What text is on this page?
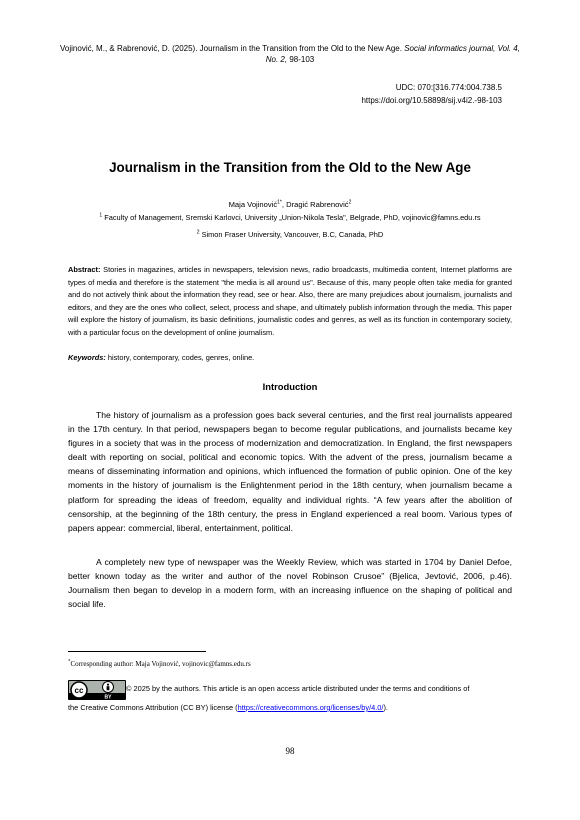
Vojinović, M., & Rabrenović, D. (2025). Journalism in the Transition from the Old to the New Age. Social informatics journal, Vol. 4, No. 2, 98-103
UDC: 070:[316.774:004.738.5
https://doi.org/10.58898/sij.v4i2.-98-103
Journalism in the Transition from the Old to the New Age
Maja Vojinović$^{1*}$, Dragić Rabrenović$^2$
$^1$ Faculty of Management, Sremski Karlovci, University „Union-Nikola Tesla", Belgrade, PhD, vojinovic@famns.edu.rs
$^2$ Simon Fraser University, Vancouver, B.C, Canada, PhD
Abstract: Stories in magazines, articles in newspapers, television news, radio broadcasts, multimedia content, Internet platforms are types of media and therefore is the statement "the media is all around us". Because of this, many people often take media for granted and do not actively think about the information they read, see or hear. Also, there are many prejudices about journalism, journalists and editors, and they are the ones who collect, select, process and shape, and ultimately publish information through the media. This paper will explore the history of journalism, its basic definitions, journalistic codes and genres, as well as its function in contemporary society, with a particular focus on the development of online journalism.
Keywords: history, contemporary, codes, genres, online.
Introduction
The history of journalism as a profession goes back several centuries, and the first real journalists appeared in the 17th century. In that period, newspapers began to become regular publications, and journalists became key figures in a society that was in the process of modernization and democratization. In England, the first newspapers dealt with reporting on social, political and economic topics. With the advent of the press, journalism became a means of disseminating information and opinions, which influenced the formation of public opinion. One of the key moments in the history of journalism is the Enlightenment period in the 18th century, when journalism became a platform for spreading the ideas of freedom, equality and individual rights. “A few years after the abolition of censorship, at the beginning of the 18th century, the press in England experienced a real boom. Various types of papers appear: commercial, liberal, entertainment, political.
A completely new type of newspaper was the Weekly Review, which was started in 1704 by Daniel Defoe, better known today as the writer and author of the novel Robinson Crusoe” (Bjelica, Jevtović, 2006, p.46). Journalism then began to develop in a modern form, with an increasing influence on the shaping of political and social life.
*Corresponding author: Maja Vojinović, vojinovic@famns.edu.rs
cc
BY
© 2025 by the authors. This article is an open access article distributed under the terms and conditions of
the Creative Commons Attribution (CC BY) license (https://creativecommons.org/licenses/by/4.0/).
98
